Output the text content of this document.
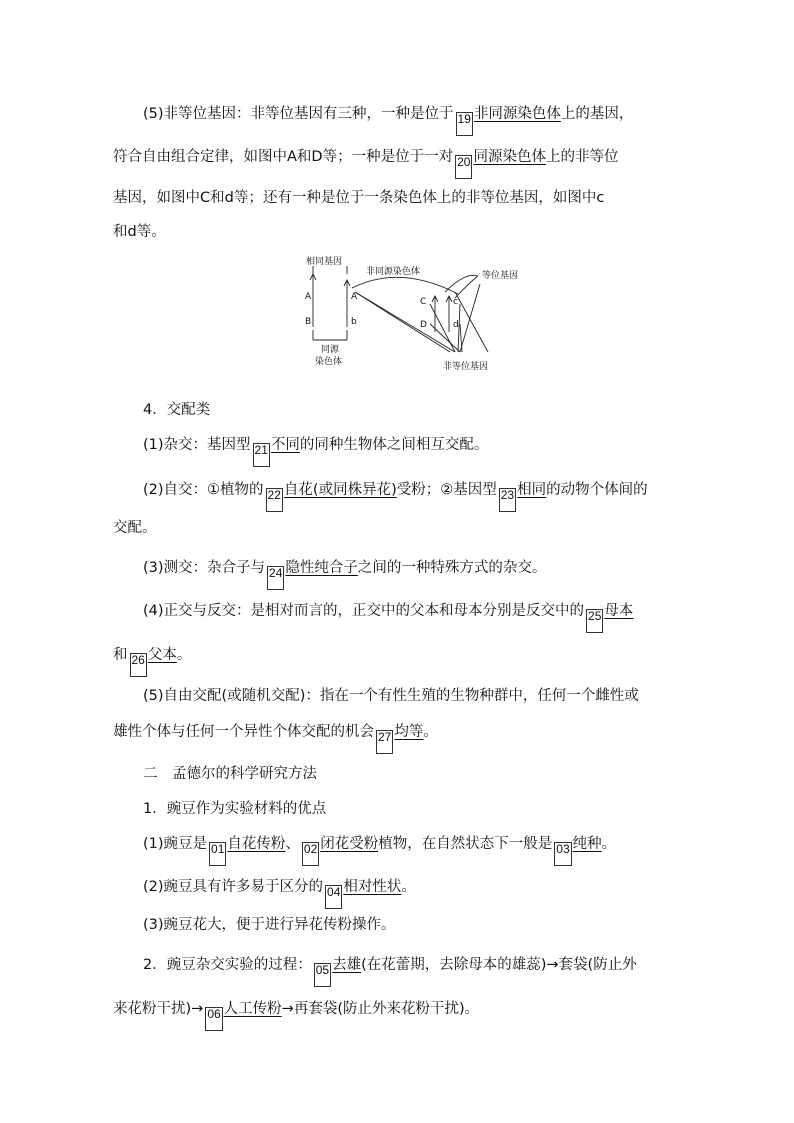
(5)非等位基因：非等位基因有三种，一种是位于 19 非同源染色体上的基因，
符合自由组合定律，如图中A和D等；一种是位于一对 20 同源染色体上的非等位
基因，如图中C和d等；还有一种是位于一条染色体上的非等位基因，如图中c
和d等。
相同基因
非同源染色体	等位基因
A	A
B	b
C	c
D	d
同源
染色体	非等位基因
4．交配类
(1)杂交：基因型 21 不同的同种生物体之间相互交配。
(2)自交：①植物的 22 自花(或同株异花)受粉；②基因型 23 相同的动物个体间的
交配。
(3)测交：杂合子与 24 隐性纯合子之间的一种特殊方式的杂交。
(4)正交与反交：是相对而言的，正交中的父本和母本分别是反交中的 25 母本
和 26 父本。
(5)自由交配(或随机交配)：指在一个有性生殖的生物种群中，任何一个雌性或
雄性个体与任何一个异性个体交配的机会 27 均等。
二　孟德尔的科学研究方法
1．豌豆作为实验材料的优点
(1)豌豆是 01 自花传粉、 02 闭花受粉植物，在自然状态下一般是 03 纯种。
(2)豌豆具有许多易于区分的 04 相对性状。
(3)豌豆花大，便于进行异花传粉操作。
2．豌豆杂交实验的过程： 05 去雄(在花蕾期，去除母本的雄蕊)→套袋(防止外
来花粉干扰)→ 06 人工传粉→再套袋(防止外来花粉干扰)。
